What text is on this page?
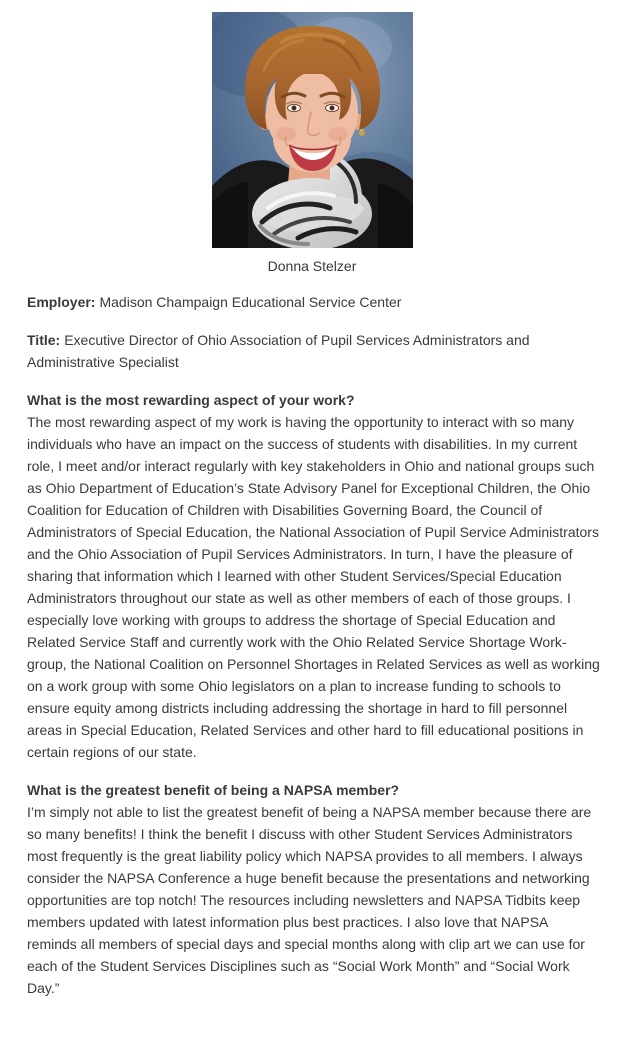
Donna Stelzer

Employer: Madison Champaign Educational Service Center

Title: Executive Director of Ohio Association of Pupil Services Administrators and Administrative Specialist

What is the most rewarding aspect of your work?
The most rewarding aspect of my work is having the opportunity to interact with so many individuals who have an impact on the success of students with disabilities. In my current role, I meet and/or interact regularly with key stakeholders in Ohio and national groups such as Ohio Department of Education’s State Advisory Panel for Exceptional Children, the Ohio Coalition for Education of Children with Disabilities Governing Board, the Council of Administrators of Special Education, the National Association of Pupil Service Administrators and the Ohio Association of Pupil Services Administrators. In turn, I have the pleasure of sharing that information which I learned with other Student Services/Special Education Administrators throughout our state as well as other members of each of those groups. I especially love working with groups to address the shortage of Special Education and Related Service Staff and currently work with the Ohio Related Service Shortage Work-group, the National Coalition on Personnel Shortages in Related Services as well as working on a work group with some Ohio legislators on a plan to increase funding to schools to ensure equity among districts including addressing the shortage in hard to fill personnel areas in Special Education, Related Services and other hard to fill educational positions in certain regions of our state.

What is the greatest benefit of being a NAPSA member?
I’m simply not able to list the greatest benefit of being a NAPSA member because there are so many benefits! I think the benefit I discuss with other Student Services Administrators most frequently is the great liability policy which NAPSA provides to all members. I always consider the NAPSA Conference a huge benefit because the presentations and networking opportunities are top notch! The resources including newsletters and NAPSA Tidbits keep members updated with latest information plus best practices. I also love that NAPSA reminds all members of special days and special months along with clip art we can use for each of the Student Services Disciplines such as “Social Work Month” and “Social Work Day.”
